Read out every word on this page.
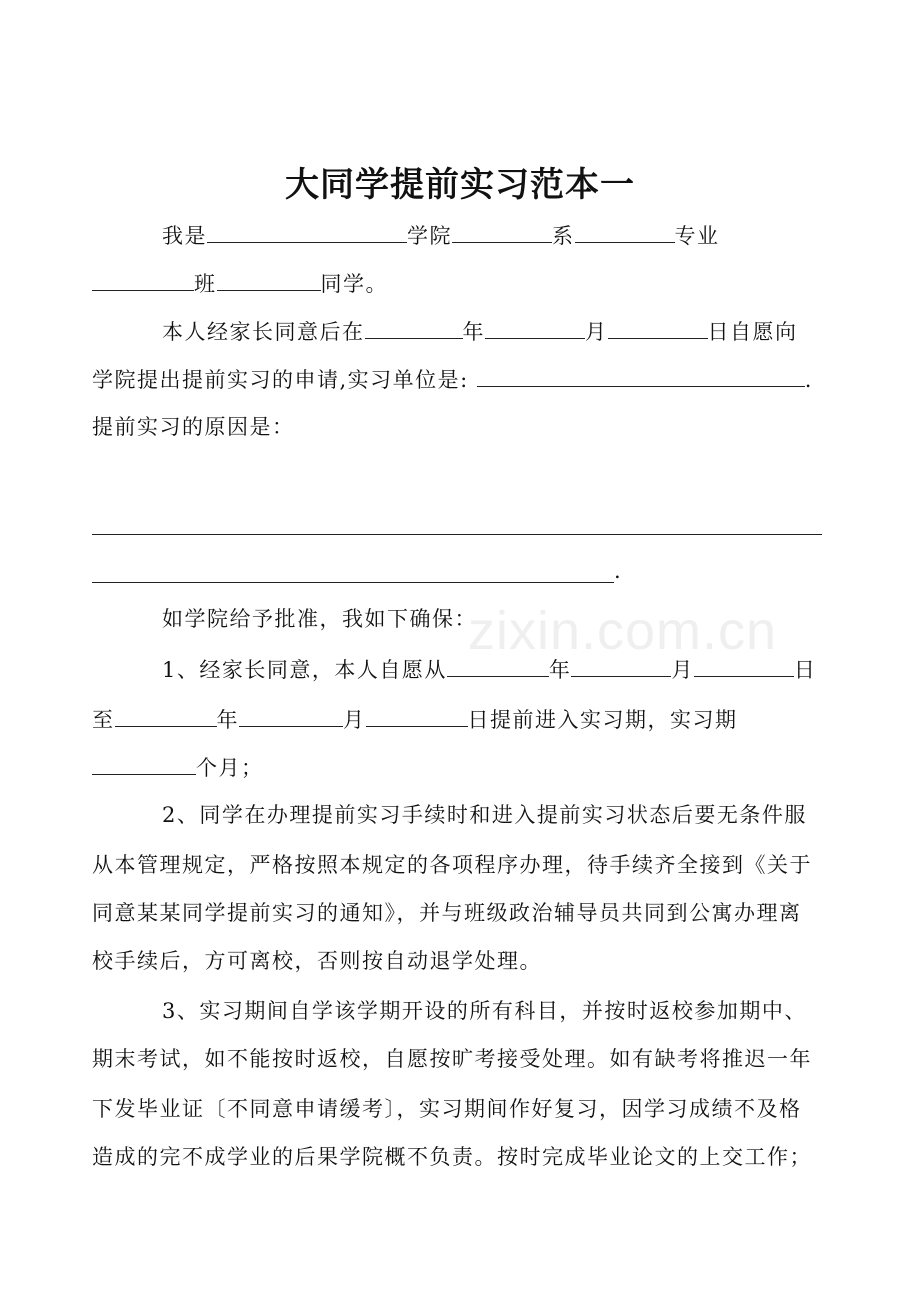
大同学提前实习范本一
我是	学院	系	专业
班	同学。
本人经家长同意后在	年	月	日自愿向
学院提出提前实习的申请,实习单位是:	.
提前实习的原因是：
.
如学院给予批准，我如下确保：
1、经家长同意，本人自愿从	年	月	日
至	年	月	日提前进入实习期，实习期
个月；
2、同学在办理提前实习手续时和进入提前实习状态后要无条件服
从本管理规定，严格按照本规定的各项程序办理，待手续齐全接到《关于
同意某某同学提前实习的通知》，并与班级政治辅导员共同到公寓办理离
校手续后，方可离校，否则按自动退学处理。
3、实习期间自学该学期开设的所有科目，并按时返校参加期中、
期末考试，如不能按时返校，自愿按旷考接受处理。如有缺考将推迟一年
下发毕业证〔不同意申请缓考〕，实习期间作好复习，因学习成绩不及格
造成的完不成学业的后果学院概不负责。按时完成毕业论文的上交工作；
zixin.com.cn
